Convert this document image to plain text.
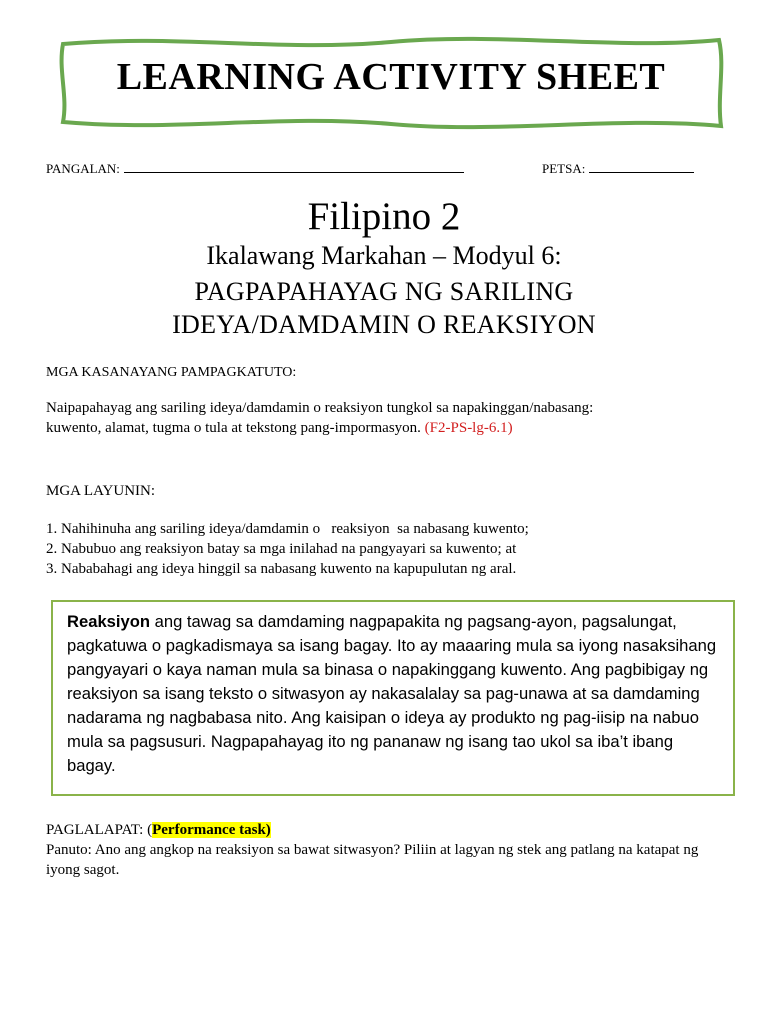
LEARNING ACTIVITY SHEET
PANGALAN:	PETSA:
Filipino 2
Ikalawang Markahan – Modyul 6:
PAGPAPAHAYAG NG SARILING
IDEYA/DAMDAMIN O REAKSIYON
MGA KASANAYANG PAMPAGKATUTO:
Naipapahayag ang sariling ideya/damdamin o reaksiyon tungkol sa napakinggan/nabasang: kuwento, alamat, tugma o tula at tekstong pang-impormasyon. (F2-PS-lg-6.1)
MGA LAYUNIN:
1. Nahihinuha ang sariling ideya/damdamin o   reaksiyon  sa nabasang kuwento;
2. Nabubuo ang reaksiyon batay sa mga inilahad na pangyayari sa kuwento; at
3. Nababahagi ang ideya hinggil sa nabasang kuwento na kapupulutan ng aral.
Reaksiyon ang tawag sa damdaming nagpapakita ng pagsang-ayon, pagsalungat, pagkatuwa o pagkadismaya sa isang bagay. Ito ay maaaring mula sa iyong nasaksihang pangyayari o kaya naman mula sa binasa o napakinggang kuwento. Ang pagbibigay ng reaksiyon sa isang teksto o sitwasyon ay nakasalalay sa pag-unawa at sa damdaming nadarama ng nagbabasa nito. Ang kaisipan o ideya ay produkto ng pag-iisip na nabuo mula sa pagsusuri. Nagpapahayag ito ng pananaw ng isang tao ukol sa iba’t ibang bagay.
PAGLALAPAT: (Performance task)
Panuto: Ano ang angkop na reaksiyon sa bawat sitwasyon? Piliin at lagyan ng stek ang patlang na katapat ng iyong sagot.
